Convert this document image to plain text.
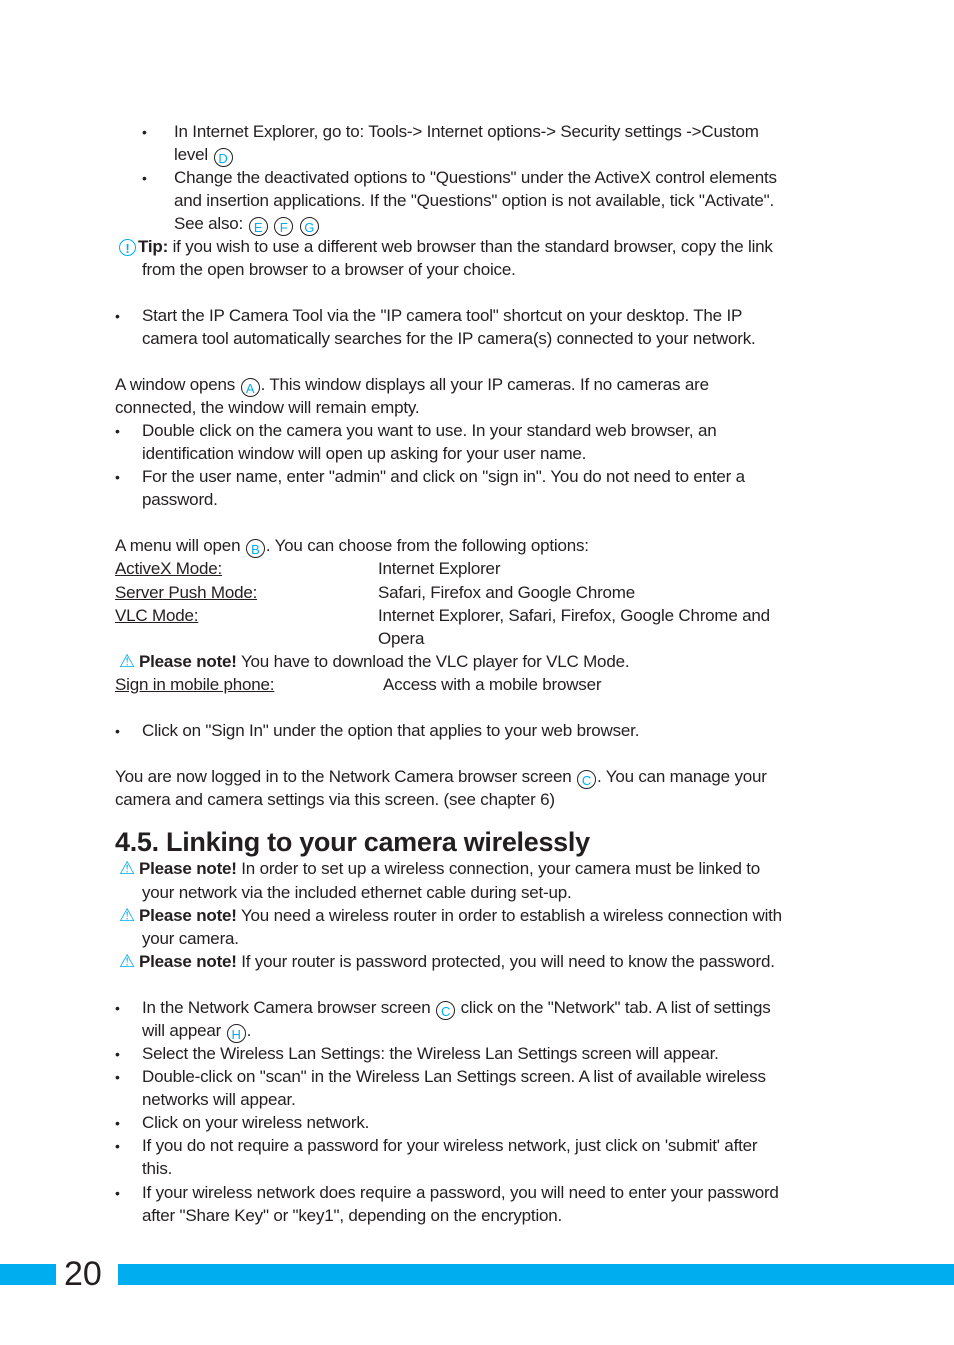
• In Internet Explorer, go to: Tools-> Internet options-> Security settings ->Custom
level D
• Change the deactivated options to "Questions" under the ActiveX control elements
and insertion applications. If the "Questions" option is not available, tick "Activate".
See also: E F G
! Tip: if you wish to use a different web browser than the standard browser, copy the link
from the open browser to a browser of your choice.
• Start the IP Camera Tool via the "IP camera tool" shortcut on your desktop. The IP
camera tool automatically searches for the IP camera(s) connected to your network.
A window opens A . This window displays all your IP cameras. If no cameras are
connected, the window will remain empty.
• Double click on the camera you want to use. In your standard web browser, an
identification window will open up asking for your user name.
• For the user name, enter "admin" and click on "sign in". You do not need to enter a
password.
A menu will open B . You can choose from the following options:
ActiveX Mode:	Internet Explorer
Server Push Mode:	Safari, Firefox and Google Chrome
VLC Mode:	Internet Explorer, Safari, Firefox, Google Chrome and
Opera
⚠ Please note! You have to download the VLC player for VLC Mode.
Sign in mobile phone:	Access with a mobile browser
• Click on "Sign In" under the option that applies to your web browser.
You are now logged in to the Network Camera browser screen C . You can manage your
camera and camera settings via this screen. (see chapter 6)
4.5. Linking to your camera wirelessly
⚠ Please note! In order to set up a wireless connection, your camera must be linked to
your network via the included ethernet cable during set-up.
⚠ Please note! You need a wireless router in order to establish a wireless connection with
your camera.
⚠ Please note! If your router is password protected, you will need to know the password.
• In the Network Camera browser screen C click on the "Network" tab. A list of settings
will appear H .
• Select the Wireless Lan Settings: the Wireless Lan Settings screen will appear.
• Double-click on "scan" in the Wireless Lan Settings screen. A list of available wireless
networks will appear.
• Click on your wireless network.
• If you do not require a password for your wireless network, just click on 'submit' after
this.
• If your wireless network does require a password, you will need to enter your password
after "Share Key" or "key1", depending on the encryption.
20
